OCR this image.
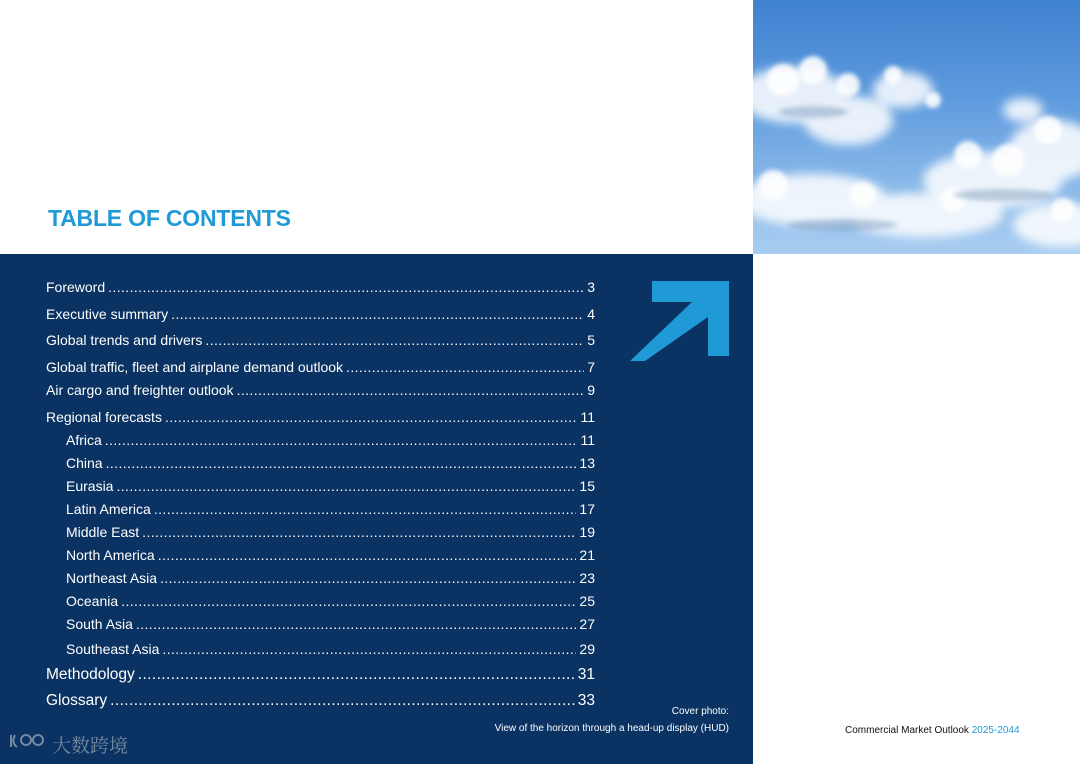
TABLE OF CONTENTS
Foreword .....	3
Executive summary .....	4
Global trends and drivers .....	5
Global traffic, fleet and airplane demand outlook .....	7
Air cargo and freighter outlook .....	9
Regional forecasts .....	11
Africa .....	11
China .....	13
Eurasia .....	15
Latin America .....	17
Middle East .....	19
North America .....	21
Northeast Asia .....	23
Oceania .....	25
South Asia .....	27
Southeast Asia .....	29
Methodology .....	31
Glossary .....	33
Cover photo:
View of the horizon through a head-up display (HUD)	Commercial Market Outlook 2025-2044
大数跨境
